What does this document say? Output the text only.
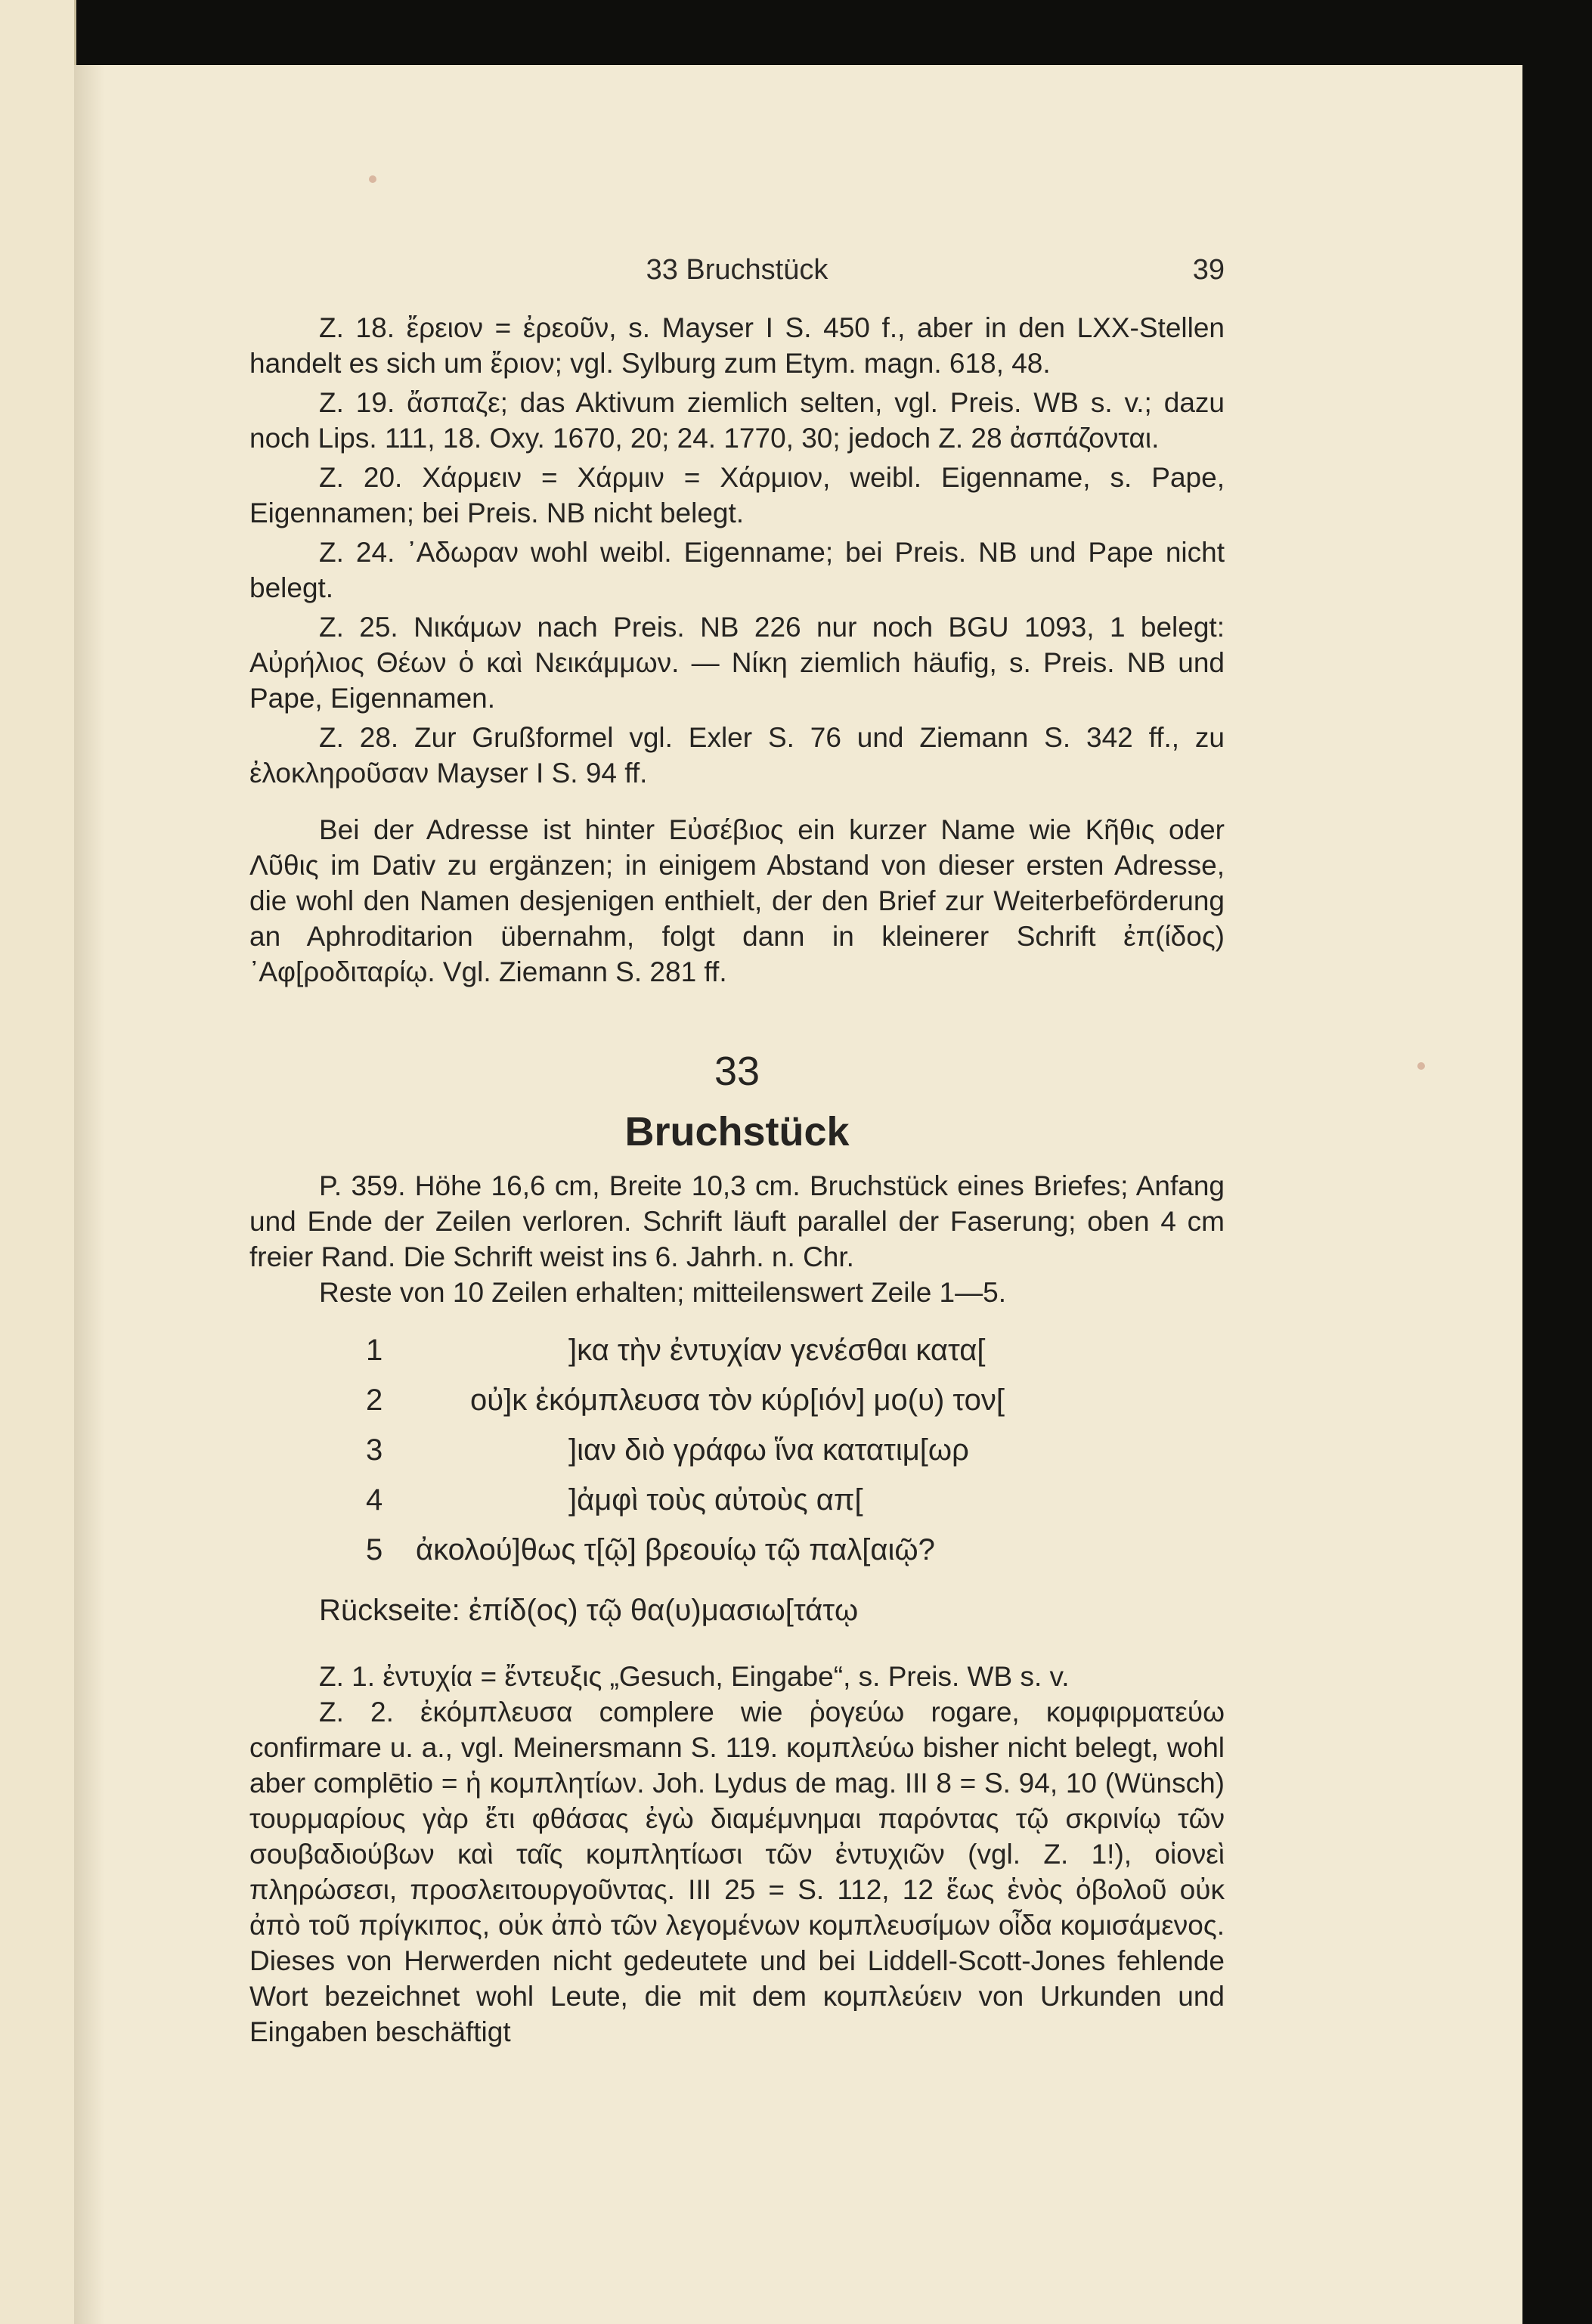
33 Bruchstück	39

Z. 18. ἔρειον = ἐρεοῦν, s. Mayser I S. 450 f., aber in den LXX-Stellen handelt es sich um ἔριον; vgl. Sylburg zum Etym. magn. 618, 48.

Z. 19. ἄσπαζε; das Aktivum ziemlich selten, vgl. Preis. WB s. v.; dazu noch Lips. 111, 18. Oxy. 1670, 20; 24. 1770, 30; jedoch Z. 28 ἀσπάζονται.

Z. 20. Χάρμειν = Χάρμιν = Χάρμιον, weibl. Eigenname, s. Pape, Eigennamen; bei Preis. NB nicht belegt.

Z. 24. ᾿Αδωραν wohl weibl. Eigenname; bei Preis. NB und Pape nicht belegt.

Z. 25. Νικάμων nach Preis. NB 226 nur noch BGU 1093, 1 belegt: Αὐρήλιος Θέων ὁ καὶ Νεικάμμων. — Νίκη ziemlich häufig, s. Preis. NB und Pape, Eigennamen.

Z. 28. Zur Grußformel vgl. Exler S. 76 und Ziemann S. 342 ff., zu ἐλοκληροῦσαν Mayser I S. 94 ff.

Bei der Adresse ist hinter Εὐσέβιος ein kurzer Name wie Κῆθις oder Λῦθις im Dativ zu ergänzen; in einigem Abstand von dieser ersten Adresse, die wohl den Namen desjenigen enthielt, der den Brief zur Weiterbeförderung an Aphroditarion übernahm, folgt dann in kleinerer Schrift ἐπ(ίδος) ᾿Αφ[ροδιταρίῳ. Vgl. Ziemann S. 281 ff.

33
Bruchstück

P. 359. Höhe 16,6 cm, Breite 10,3 cm. Bruchstück eines Briefes; Anfang und Ende der Zeilen verloren. Schrift läuft parallel der Faserung; oben 4 cm freier Rand. Die Schrift weist ins 6. Jahrh. n. Chr.

Reste von 10 Zeilen erhalten; mitteilenswert Zeile 1—5.

1	]κα τὴν ἐντυχίαν γενέσθαι κατα[
2	οὐ]κ ἐκόμπλευσα τὸν κύρ[ιόν] μο(υ) τον[
3	]ιαν διὸ γράφω ἵνα κατατιμ[ωρ
4	]ἀμφὶ τοὺς αὐτοὺς απ[
5 ἀκολού]θως τ[ῷ] βρεουίῳ τῷ παλ[αιῷ?

Rückseite: ἐπίδ(ος) τῷ θα(υ)μασιω[τάτῳ

Z. 1. ἐντυχία = ἔντευξις „Gesuch, Eingabe“, s. Preis. WB s. v.

Z. 2. ἐκόμπλευσα complere wie ῥογεύω rogare, κομφιρματεύω confirmare u. a., vgl. Meinersmann S. 119. κομπλεύω bisher nicht belegt, wohl aber complētio = ἡ κομπλητίων. Joh. Lydus de mag. III 8 = S. 94, 10 (Wünsch) τουρμαρίους γὰρ ἔτι φθάσας ἐγὼ διαμέμνημαι παρόντας τῷ σκρινίῳ τῶν σουβαδιούβων καὶ ταῖς κομπλητίωσι τῶν ἐντυχιῶν (vgl. Z. 1!), οἱονεὶ πληρώσεσι, προσλειτουργοῦντας. III 25 = S. 112, 12 ἕως ἑνὸς ὀβολοῦ οὐκ ἀπὸ τοῦ πρίγκιπος, οὐκ ἀπὸ τῶν λεγομένων κομπλευσίμων οἶδα κομισάμενος. Dieses von Herwerden nicht gedeutete und bei Liddell-Scott-Jones fehlende Wort bezeichnet wohl Leute, die mit dem κομπλεύειν von Urkunden und Eingaben beschäftigt
